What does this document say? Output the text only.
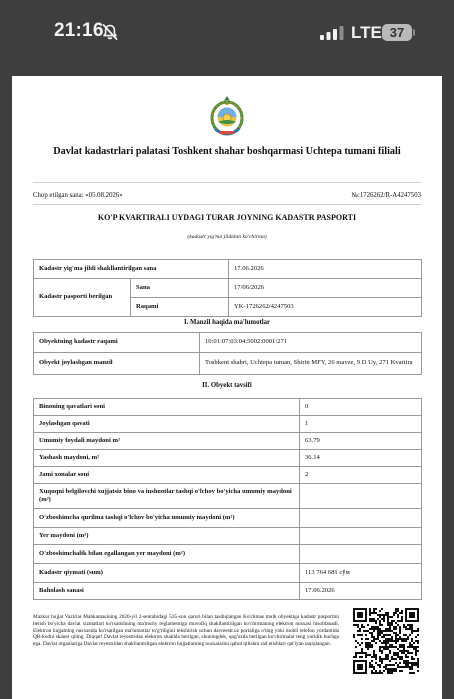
21:16	LTE 37
Davlat kadastrlari palatasi Toshkent shahar boshqarmasi Uchtepa tumani filiali
Chop etilgan sana: «05.08.2026»	№:1726262/R-A4247503
KO'P KVARTIRALI UYDAGI TURAR JOYNING KADASTR PASPORTI
(kadastr yig'ma jildidan ko'chirma)
Kadastr yig'ma jildi shakllantirilgan sana		17.06.2026
Kadastr pasporti berilgan	Sana	17/06/2026
	Raqami	YK-1726262/4247503
I. Manzil haqida ma'lumotlar
Obyektning kadastr raqami	10:01:07:03:04:5002:0001:271
Obyekt joylashgan manzil	Toshkent shahri, Uchtepa tuman, Shirin MFY, 26 mavze, 9 D Uy, 271 Kvartira
II. Obyekt tavsifi
Binoning qavatlari soni	0
Joylashgan qavati	1
Umumiy foydali maydoni m²	63.79
Yashash maydoni, m²	36.14
Jami xonalar soni	2
Xuquqni belgilovchi xujjatsiz bino va inshootlar tashqi o'lchov bo'yicha umumiy maydoni (m²)	
O'zboshimcha qurilma tashqi o'lchov bo'yicha umumiy maydoni (m²)	
Yer maydoni (m²)	
O'zboshimchalik bilan egallangan yer maydoni (m²)	
Kadastr qiymati (sum)	113 764 681 сўм
Baholash sanasi	17.06.2026
Mazkur hujjat Vazirlar Mahkamasining 2020-yil 2-sentabrdagi 535-son qarori bilan tasdiqlangan Ko'chmas mulk obyektiga kadastr pasportini berish bo'yicha davlat xizmatlari ko'rsatishning ma'muriy reglamentiga muvofiq shakllantirilgan ko'chirmaning elektron nusxasi hisoblanadi. Elektron hujjatning nusxasida ko'rsatilgan ma'lumotlar to'g'riligini tekshirish uchun davreestr.uz portaliga o'ting yoki mobil telefon yordamida QR-kodni skaner qiling. Diqqat! Davlat reyestridan elektron shaklda berilgan, shuningdek, qog'ozda berilgan ko'chirmalar teng yuridik kuchga ega. Davlat organlariga Davlat reyestridan shakllantirilgan elektron hujjatlarning nusxalarini qabul qilishni rad etishlari qat'iyan taqiqlangan.
